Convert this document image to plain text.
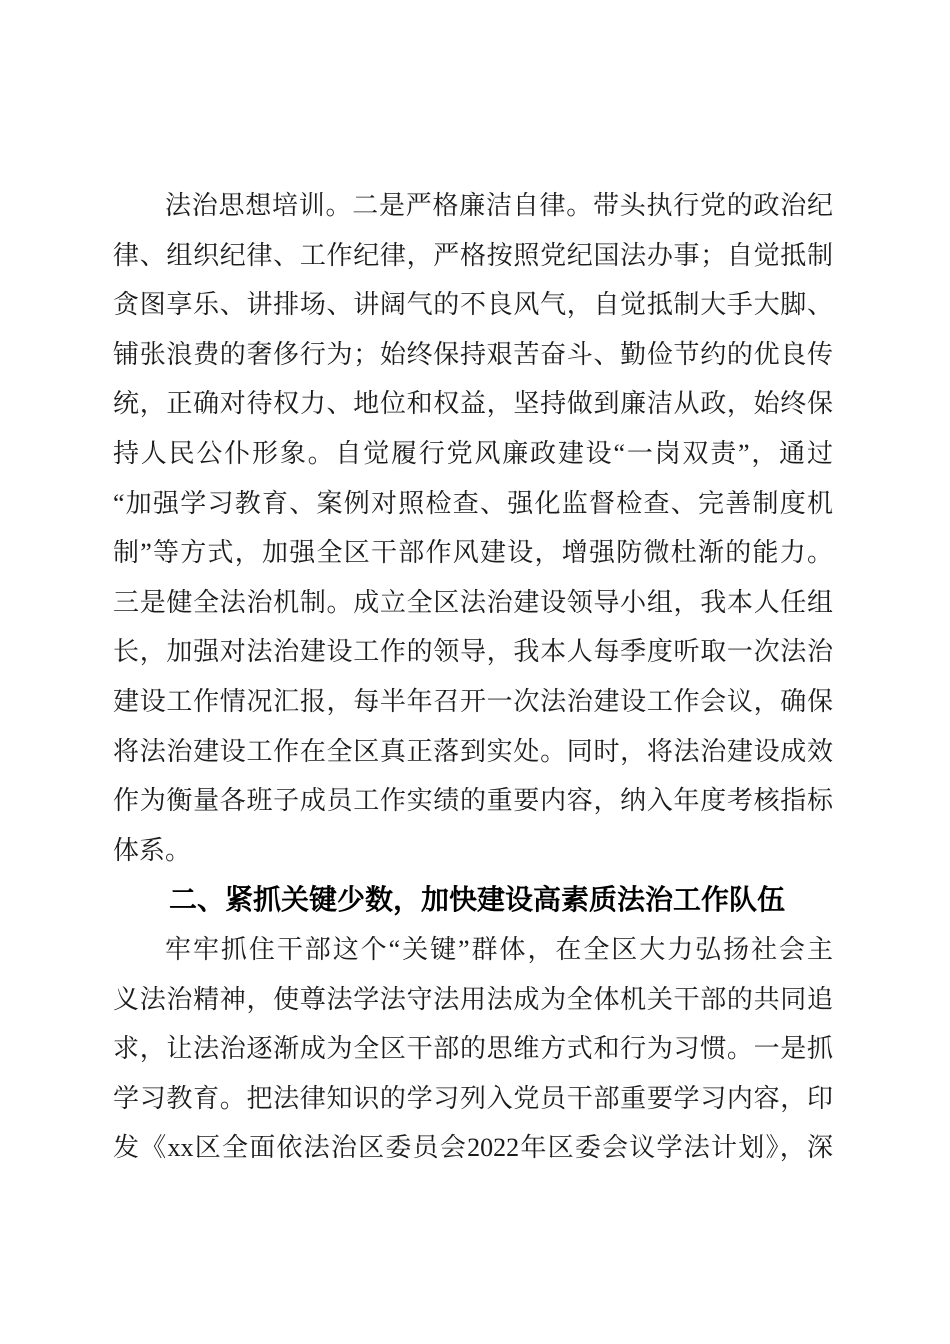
法治思想培训。二是严格廉洁自律。带头执行党的政治纪
律、组织纪律、工作纪律，严格按照党纪国法办事；自觉抵制
贪图享乐、讲排场、讲阔气的不良风气，自觉抵制大手大脚、
铺张浪费的奢侈行为；始终保持艰苦奋斗、勤俭节约的优良传
统，正确对待权力、地位和权益，坚持做到廉洁从政，始终保
持人民公仆形象。自觉履行党风廉政建设“一岗双责”，通过
“加强学习教育、案例对照检查、强化监督检查、完善制度机
制”等方式，加强全区干部作风建设，增强防微杜渐的能力。
三是健全法治机制。成立全区法治建设领导小组，我本人任组
长，加强对法治建设工作的领导，我本人每季度听取一次法治
建设工作情况汇报，每半年召开一次法治建设工作会议，确保
将法治建设工作在全区真正落到实处。同时，将法治建设成效
作为衡量各班子成员工作实绩的重要内容，纳入年度考核指标
体系。
二、紧抓关键少数，加快建设高素质法治工作队伍
牢牢抓住干部这个“关键”群体，在全区大力弘扬社会主
义法治精神，使尊法学法守法用法成为全体机关干部的共同追
求，让法治逐渐成为全区干部的思维方式和行为习惯。一是抓
学习教育。把法律知识的学习列入党员干部重要学习内容，印
发《xx区全面依法治区委员会2022年区委会议学法计划》，深
